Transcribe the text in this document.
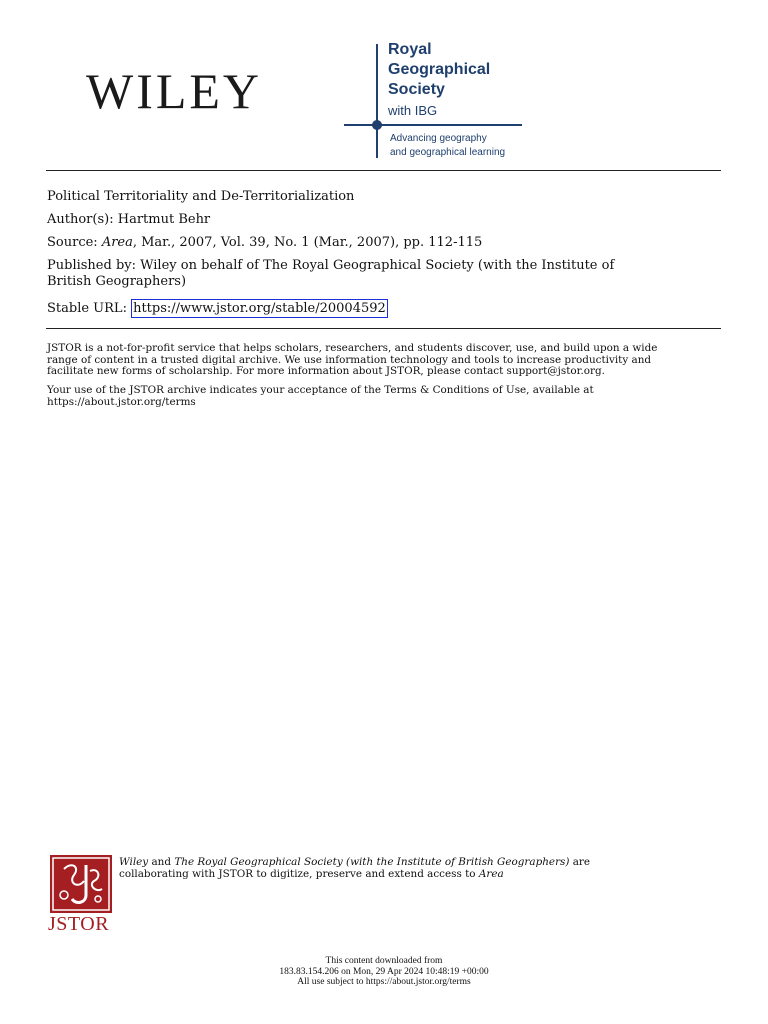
WILEY
Royal
Geographical
Society
with IBG
Advancing geography
and geographical learning
Political Territoriality and De-Territorialization
Author(s): Hartmut Behr
Source: Area, Mar., 2007, Vol. 39, No. 1 (Mar., 2007), pp. 112-115
Published by: Wiley on behalf of The Royal Geographical Society (with the Institute of
British Geographers)
Stable URL: https://www.jstor.org/stable/20004592
JSTOR is a not-for-profit service that helps scholars, researchers, and students discover, use, and build upon a wide
range of content in a trusted digital archive. We use information technology and tools to increase productivity and
facilitate new forms of scholarship. For more information about JSTOR, please contact support@jstor.org.
Your use of the JSTOR archive indicates your acceptance of the Terms & Conditions of Use, available at
https://about.jstor.org/terms
JSTOR
Wiley and The Royal Geographical Society (with the Institute of British Geographers) are
collaborating with JSTOR to digitize, preserve and extend access to Area
This content downloaded from
183.83.154.206 on Mon, 29 Apr 2024 10:48:19 +00:00
All use subject to https://about.jstor.org/terms
